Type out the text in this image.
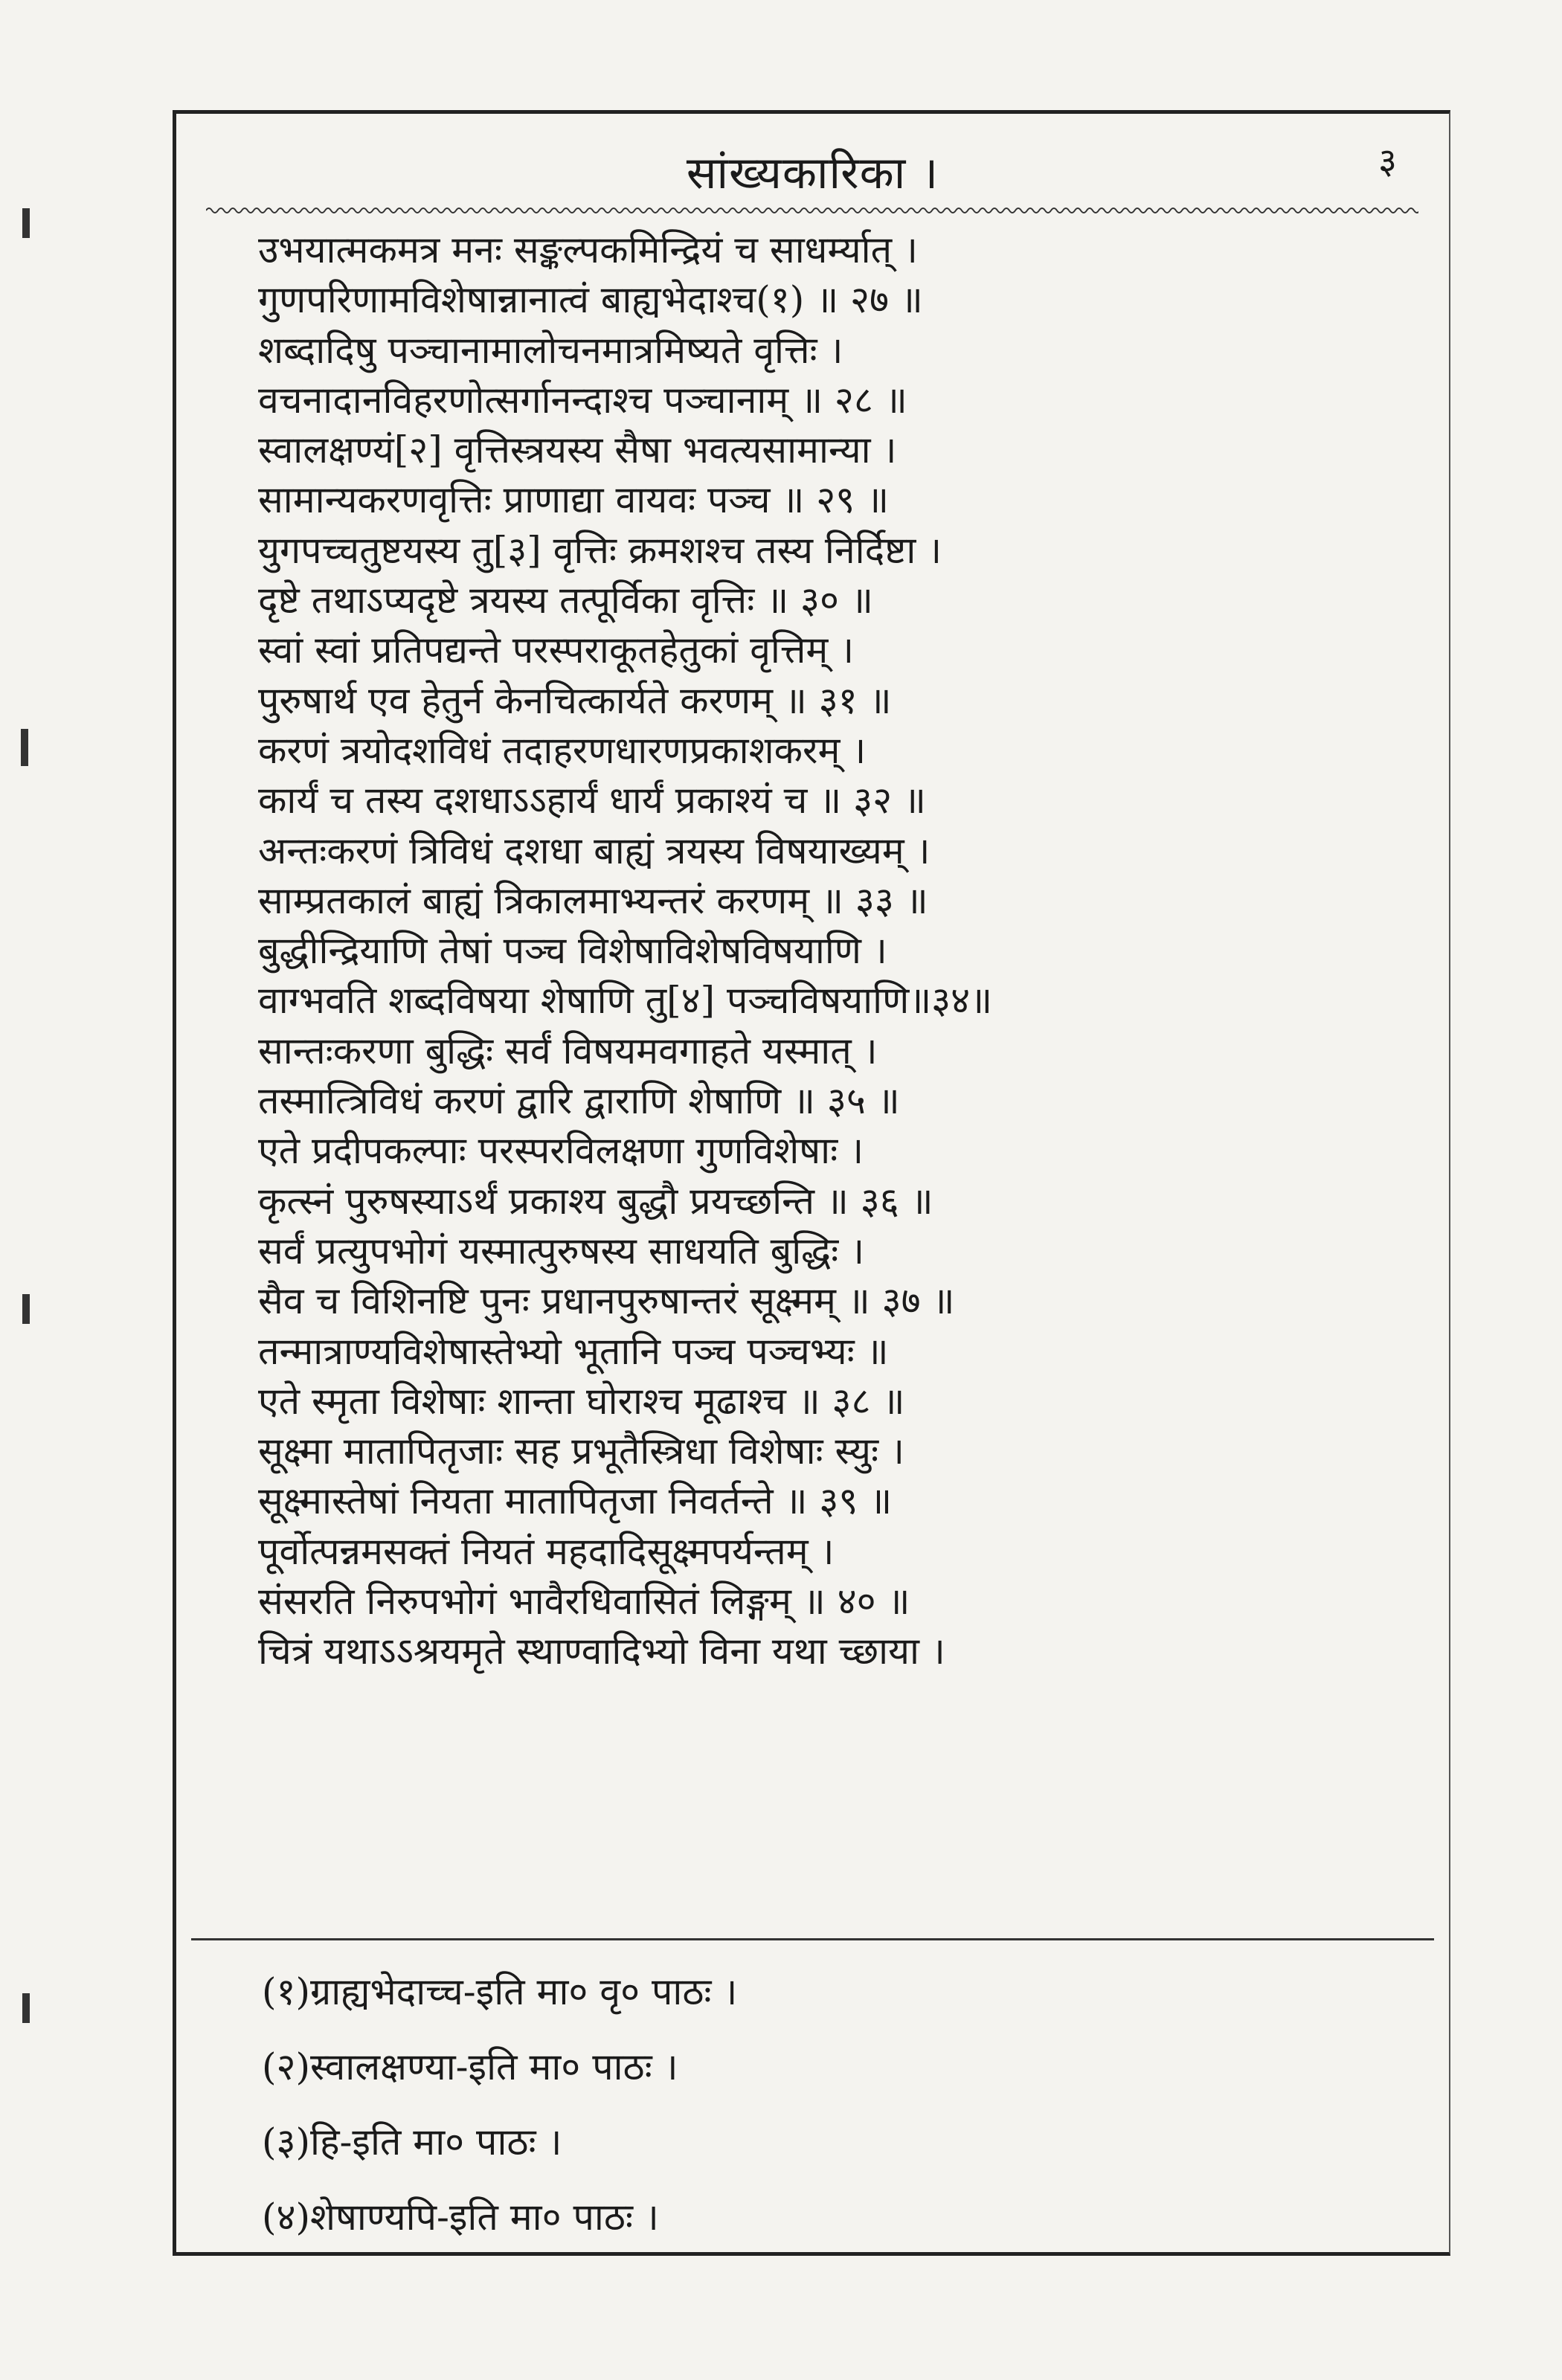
सांख्यकारिका ।	३
उभयात्मकमत्र मनः सङ्कल्पकमिन्द्रियं च साधर्म्यात् ।
गुणपरिणामविशेषान्नानात्वं बाह्यभेदाश्च(१) ॥ २७ ॥
शब्दादिषु पञ्चानामालोचनमात्रमिष्यते वृत्तिः ।
वचनादानविहरणोत्सर्गानन्दाश्च पञ्चानाम् ॥ २८ ॥
स्वालक्षण्यं[२] वृत्तिस्त्रयस्य सैषा भवत्यसामान्या ।
सामान्यकरणवृत्तिः प्राणाद्या वायवः पञ्च ॥ २९ ॥
युगपच्चतुष्टयस्य तु[३] वृत्तिः क्रमशश्च तस्य निर्दिष्टा ।
दृष्टे तथाऽप्यदृष्टे त्रयस्य तत्पूर्विका वृत्तिः ॥ ३० ॥
स्वां स्वां प्रतिपद्यन्ते परस्पराकूतहेतुकां वृत्तिम् ।
पुरुषार्थ एव हेतुर्न केनचित्कार्यते करणम् ॥ ३१ ॥
करणं त्रयोदशविधं तदाहरणधारणप्रकाशकरम् ।
कार्यं च तस्य दशधाऽऽहार्यं धार्यं प्रकाश्यं च ॥ ३२ ॥
अन्तःकरणं त्रिविधं दशधा बाह्यं त्रयस्य विषयाख्यम् ।
साम्प्रतकालं बाह्यं त्रिकालमाभ्यन्तरं करणम् ॥ ३३ ॥
बुद्धीन्द्रियाणि तेषां पञ्च विशेषाविशेषविषयाणि ।
वाग्भवति शब्दविषया शेषाणि तु[४] पञ्चविषयाणि॥३४॥
सान्तःकरणा बुद्धिः सर्वं विषयमवगाहते यस्मात् ।
तस्मात्त्रिविधं करणं द्वारि द्वाराणि शेषाणि ॥ ३५ ॥
एते प्रदीपकल्पाः परस्परविलक्षणा गुणविशेषाः ।
कृत्स्नं पुरुषस्याऽर्थं प्रकाश्य बुद्धौ प्रयच्छन्ति ॥ ३६ ॥
सर्वं प्रत्युपभोगं यस्मात्पुरुषस्य साधयति बुद्धिः ।
सैव च विशिनष्टि पुनः प्रधानपुरुषान्तरं सूक्ष्मम् ॥ ३७ ॥
तन्मात्राण्यविशेषास्तेभ्यो भूतानि पञ्च पञ्चभ्यः ॥
एते स्मृता विशेषाः शान्ता घोराश्च मूढाश्च ॥ ३८ ॥
सूक्ष्मा मातापितृजाः सह प्रभूतैस्त्रिधा विशेषाः स्युः ।
सूक्ष्मास्तेषां नियता मातापितृजा निवर्तन्ते ॥ ३९ ॥
पूर्वोत्पन्नमसक्तं नियतं महदादिसूक्ष्मपर्यन्तम् ।
संसरति निरुपभोगं भावैरधिवासितं लिङ्गम् ॥ ४० ॥
चित्रं यथाऽऽश्रयमृते स्थाण्वादिभ्यो विना यथा च्छाया ।
(१)ग्राह्यभेदाच्च-इति मा० वृ० पाठः ।
(२)स्वालक्षण्या-इति मा० पाठः ।
(३)हि-इति मा० पाठः ।
(४)शेषाण्यपि-इति मा० पाठः ।
